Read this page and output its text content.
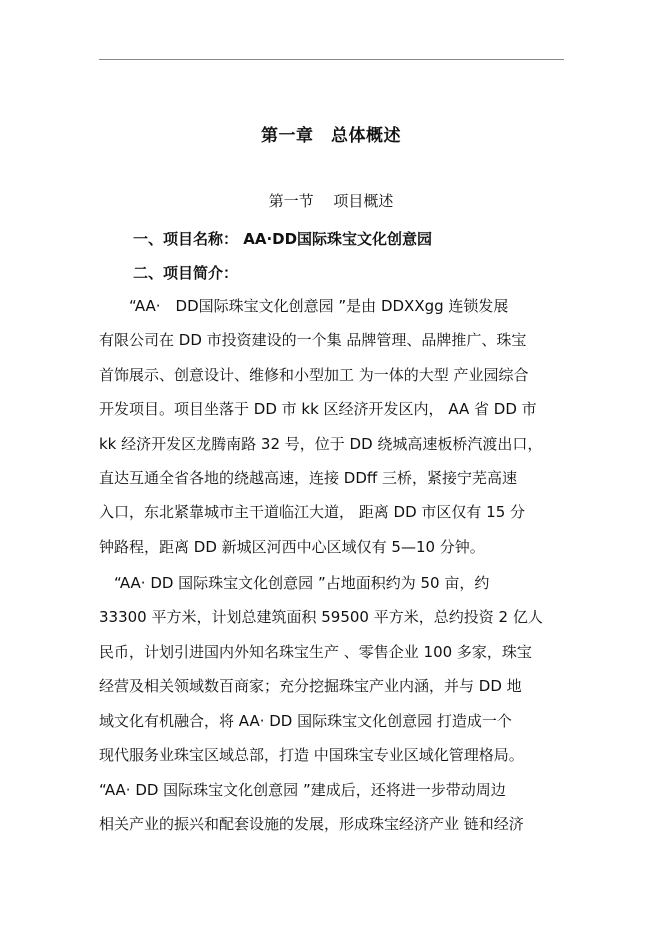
第一章　总体概述
第一节　 项目概述
一、项目名称： AA·DD国际珠宝文化创意园
二、项目简介：

　　“AA·　DD国际珠宝文化创意园 ”是由 DDXXgg 连锁发展
有限公司在 DD 市投资建设的一个集 品牌管理、品牌推广、珠宝
首饰展示、创意设计、维修和小型加工 为一体的大型 产业园综合
开发项目。项目坐落于 DD 市 kk 区经济开发区内， AA 省 DD 市
kk 经济开发区龙腾南路 32 号，位于 DD 绕城高速板桥汽渡出口，
直达互通全省各地的绕越高速，连接 DDff 三桥，紧接宁芜高速
入口，东北紧靠城市主干道临江大道， 距离 DD 市区仅有 15 分
钟路程，距离 DD 新城区河西中心区域仅有 5—10 分钟。

　“AA· DD 国际珠宝文化创意园 ”占地面积约为 50 亩，约
33300 平方米，计划总建筑面积 59500 平方米，总约投资 2 亿人
民币，计划引进国内外知名珠宝生产 、零售企业 100 多家，珠宝
经营及相关领域数百商家；充分挖掘珠宝产业内涵，并与 DD 地
域文化有机融合，将 AA· DD 国际珠宝文化创意园 打造成一个
现代服务业珠宝区域总部，打造 中国珠宝专业区域化管理格局。

“AA· DD 国际珠宝文化创意园 ”建成后，还将进一步带动周边
相关产业的振兴和配套设施的发展，形成珠宝经济产业 链和经济
